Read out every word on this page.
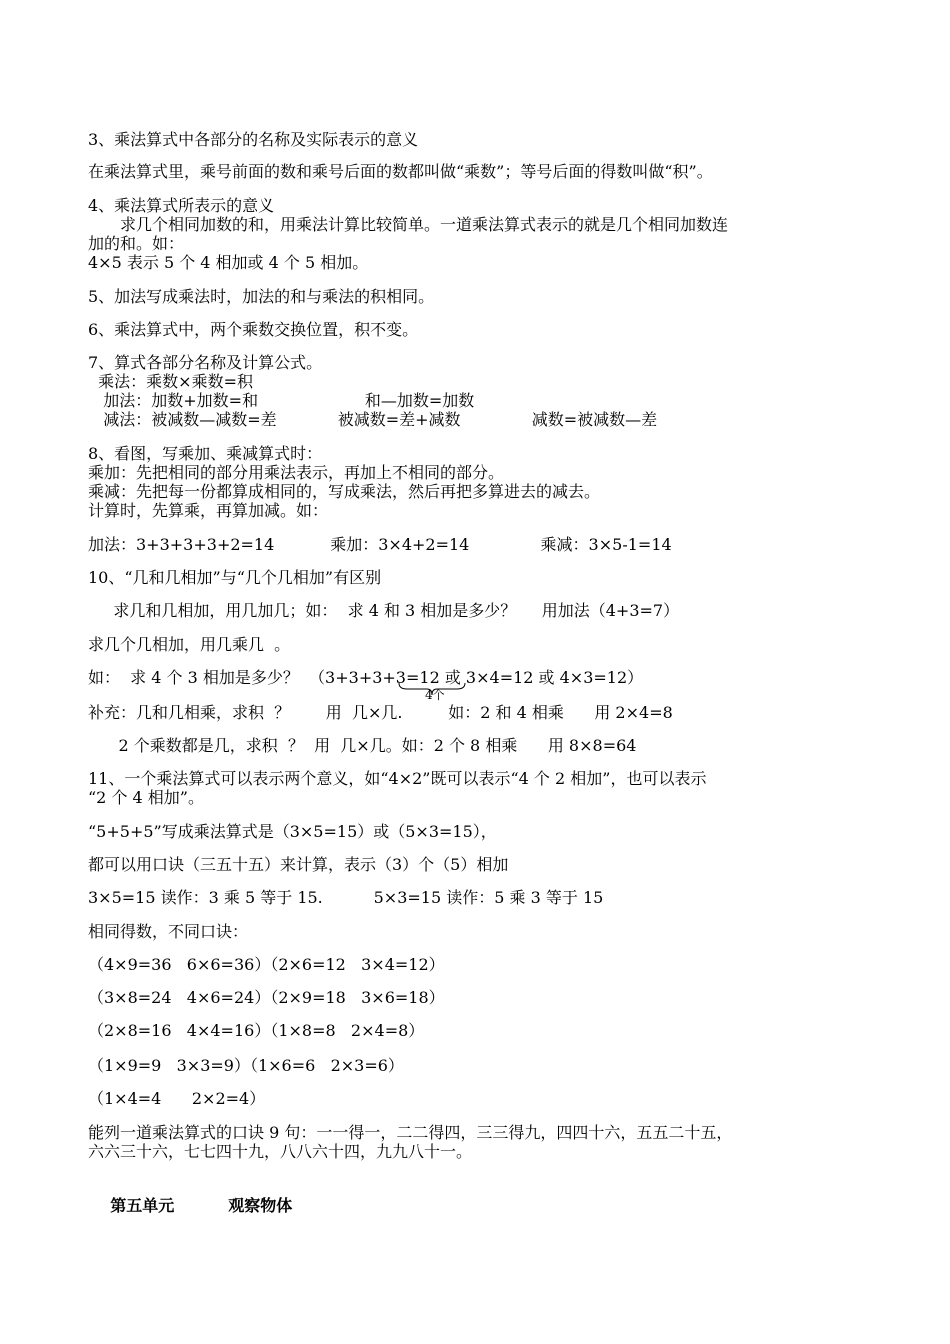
3、乘法算式中各部分的名称及实际表示的意义
在乘法算式里，乘号前面的数和乘号后面的数都叫做“乘数”；等号后面的得数叫做“积”。
4、乘法算式所表示的意义
　　求几个相同加数的和，用乘法计算比较简单。一道乘法算式表示的就是几个相同加数连
加的和。如：
4×5 表示 5 个 4 相加或 4 个 5 相加。
5、加法写成乘法时，加法的和与乘法的积相同。
6、乘法算式中，两个乘数交换位置，积不变。
7、算式各部分名称及计算公式。
乘法：乘数×乘数=积
加法：加数+加数=和                     和—加数=加数
减法：被减数—减数=差            被减数=差+减数              减数=被减数—差
8、看图，写乘加、乘减算式时：
乘加：先把相同的部分用乘法表示，再加上不相同的部分。
乘减：先把每一份都算成相同的，写成乘法，然后再把多算进去的减去。
计算时，先算乘，再算加减。如：
加法：3+3+3+3+2=14           乘加：3×4+2=14              乘减：3×5-1=14
10、“几和几相加”与“几个几相加”有区别
求几和几相加，用几加几；如：  求 4 和 3 相加是多少？     用加法（4+3=7）
求几个几相加，用几乘几  。
如：  求 4 个 3 相加是多少？  （3+3+3+3=12 或 3×4=12 或 4×3=12）
补充：几和几相乘，求积  ？       用  几×几.         如：2 和 4 相乘      用 2×4=8
2 个乘数都是几，求积  ？  用  几×几。如：2 个 8 相乘      用 8×8=64
11、一个乘法算式可以表示两个意义，如“4×2”既可以表示“4 个 2 相加”，也可以表示
“2 个 4 相加”。
“5+5+5”写成乘法算式是（3×5=15）或（5×3=15），
都可以用口诀（三五十五）来计算，表示（3）个（5）相加
3×5=15 读作：3 乘 5 等于 15.          5×3=15 读作：5 乘 3 等于 15
相同得数，不同口诀：
（4×9=36   6×6=36）（2×6=12   3×4=12）
（3×8=24   4×6=24）（2×9=18   3×6=18）
（2×8=16   4×4=16）（1×8=8   2×4=8）
（1×9=9   3×3=9）（1×6=6   2×3=6）
（1×4=4      2×2=4）
能列一道乘法算式的口诀 9 句：一一得一，二二得四，三三得九，四四十六，五五二十五，
六六三十六，七七四十九，八八六十四，九九八十一。
4个

第五单元	观察物体
